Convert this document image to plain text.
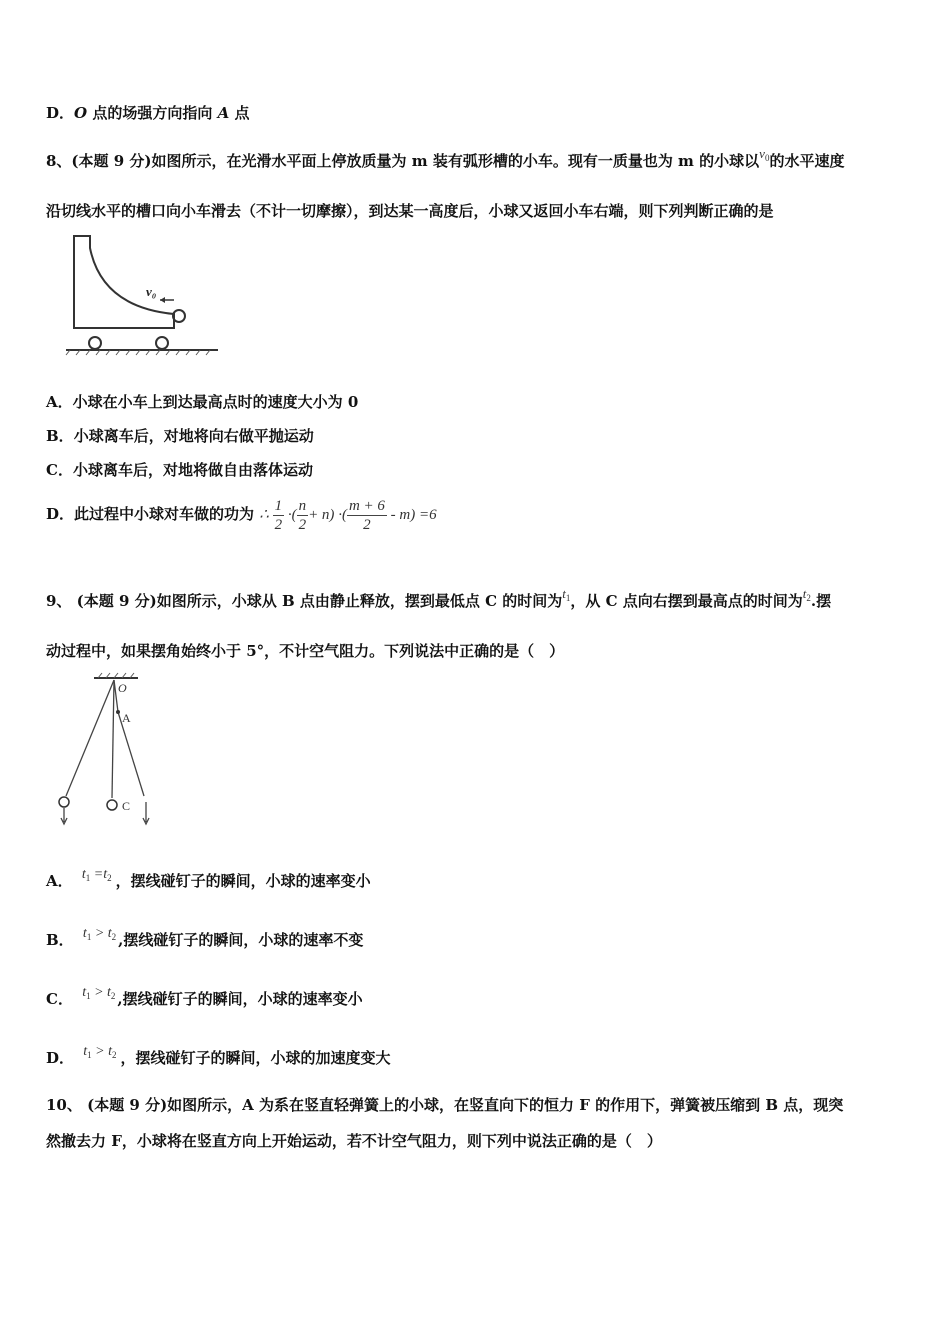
D．O 点的场强方向指向 A 点
8、(本题 9 分)如图所示，在光滑水平面上停放质量为 m 装有弧形槽的小车。现有一质量也为 m 的小球以$v_0$的水平速度
沿切线水平的槽口向小车滑去（不计一切摩擦），到达某一高度后，小球又返回小车右端，则下列判断正确的是
v₀
A．小球在小车上到达最高点时的速度大小为 0
B．小球离车后，对地将向右做平抛运动
C．小球离车后，对地将做自由落体运动
D．此过程中小球对车做的功为 ∴ $\frac{1}{2}$ ·( $\frac{n}{2} + n$) ·( $\frac{m + 6}{2} - m) =6$
9、 (本题 9 分)如图所示，小球从 B 点由静止释放，摆到最低点 C 的时间为$t_1$，从 C 点向右摆到最高点的时间为$t_2$.摆
动过程中，如果摆角始终小于 5°，不计空气阻力。下列说法中正确的是（　）
O
A
C
A． $t_1 =t_2$ ，摆线碰钉子的瞬间，小球的速率变小
B． $t_1 > t_2$ ,摆线碰钉子的瞬间，小球的速率不变
C． $t_1 > t_2$ ,摆线碰钉子的瞬间，小球的速率变小
D． $t_1 > t_2$ ，摆线碰钉子的瞬间，小球的加速度变大
10、 (本题 9 分)如图所示，A 为系在竖直轻弹簧上的小球，在竖直向下的恒力 F 的作用下，弹簧被压缩到 B 点，现突
然撤去力 F，小球将在竖直方向上开始运动，若不计空气阻力，则下列中说法正确的是（　）
